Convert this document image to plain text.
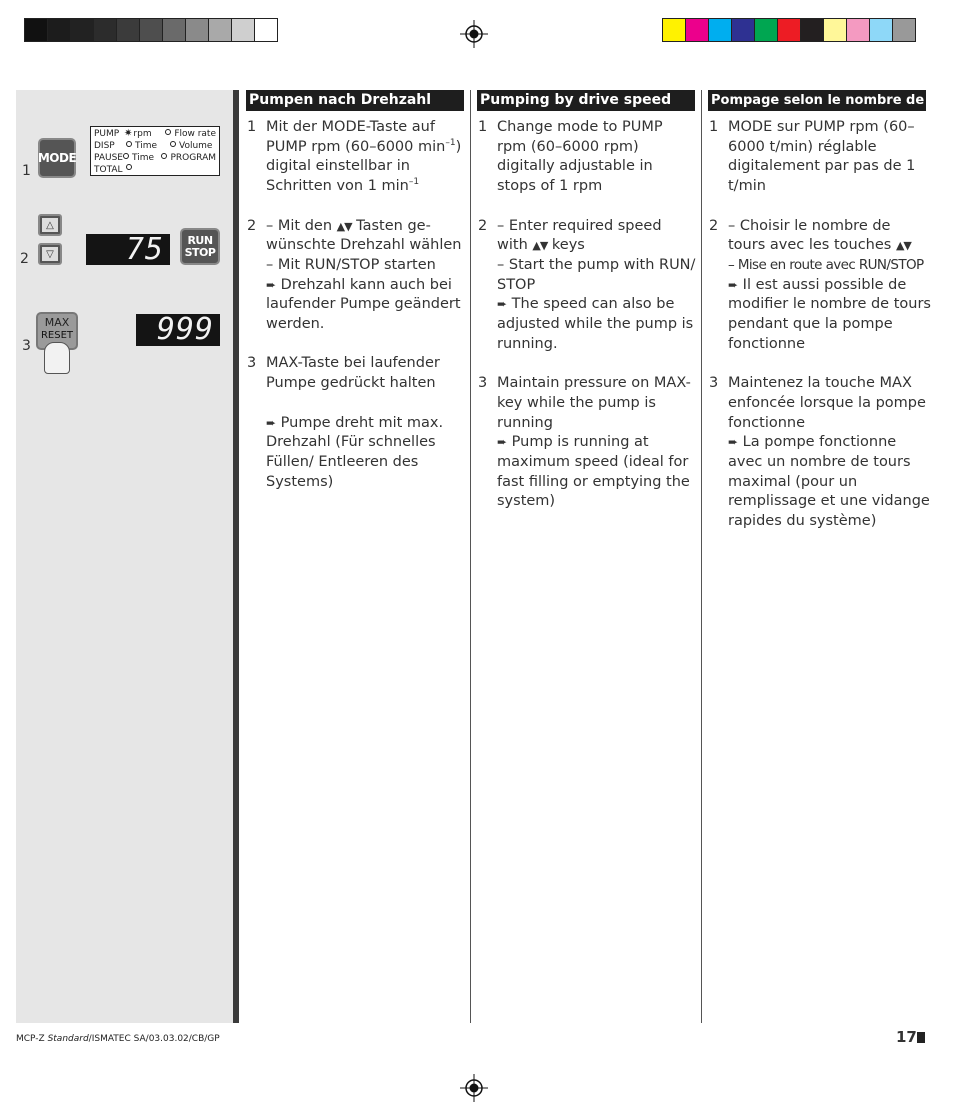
1
MODE
PUMP ✷rpm	Flow rate
DISP	Time	Volume
PAUSE	Time	PROGRAM
TOTAL
2
△
▽	75	RUN
STOP
3
MAX
RESET	999
Pumpen nach Drehzahl
1 Mit der MODE-Taste auf PUMP rpm (60–6000 $\min^{-1}$) digital einstellbar in Schritten von 1 $\min^{-1}$

2 – Mit den ▲▼ Tasten ge-wünschte Drehzahl wählen

– Mit RUN/STOP starten

➨ Drehzahl kann auch bei laufender Pumpe geändert werden.

3 MAX-Taste bei laufender Pumpe gedrückt halten

➨ Pumpe dreht mit max. Drehzahl (Für schnelles Füllen/ Entleeren des Systems)

Pumping by drive speed
1 Change mode to PUMP rpm (60–6000 rpm) digitally adjustable in stops of 1 rpm

2 – Enter required speed

with ▲▼ keys

– Start the pump with RUN/ STOP

➨ The speed can also be adjusted while the pump is running.

3 Maintain pressure on MAX-key while the pump is running

➨ Pump is running at maximum speed (ideal for fast filling or emptying the system)

Pompage selon le nombre de tours
1 MODE sur PUMP rpm (60–6000 t/min) réglable digitalement par pas de 1 t/min

2 – Choisir le nombre de tours avec les touches ▲▼

– Mise en route avec RUN/STOP

➨ Il est aussi possible de modifier le nombre de tours pendant que la pompe fonctionne

3 Maintenez la touche MAX enfoncée lorsque la pompe fonctionne

➨ La pompe fonctionne avec un nombre de tours maximal (pour un remplissage et une vidange rapides du système)

MCP-Z Standard/ISMATEC SA/03.03.02/CB/GP	17
